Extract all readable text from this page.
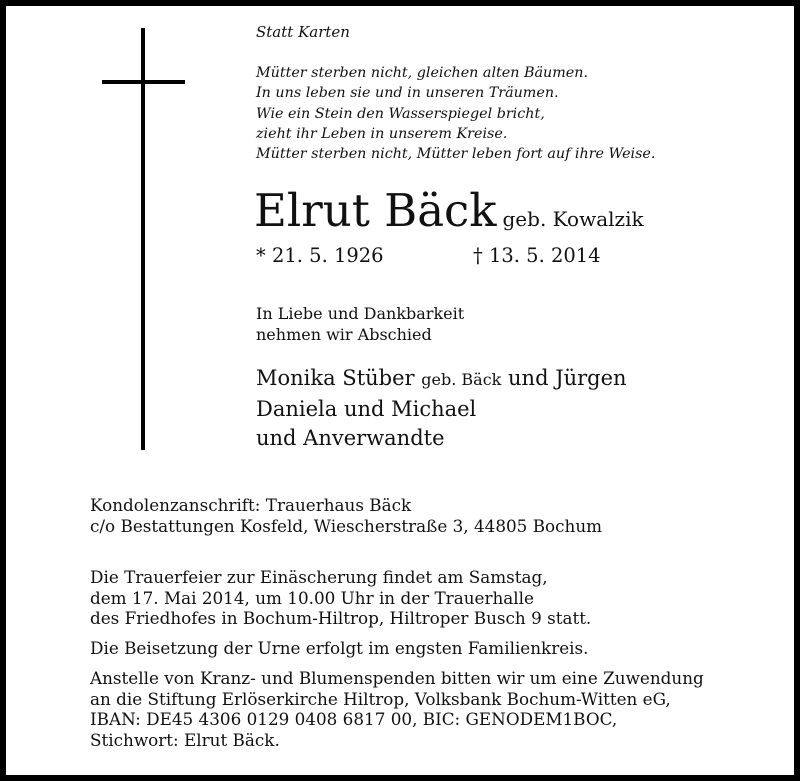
Statt Karten
Mütter sterben nicht, gleichen alten Bäumen.
In uns leben sie und in unseren Träumen.
Wie ein Stein den Wasserspiegel bricht,
zieht ihr Leben in unserem Kreise.
Mütter sterben nicht, Mütter leben fort auf ihre Weise.
Elrut Bäck geb. Kowalzik
* 21. 5. 1926	† 13. 5. 2014
In Liebe und Dankbarkeit
nehmen wir Abschied
Monika Stüber geb. Bäck und Jürgen
Daniela und Michael
und Anverwandte
Kondolenzanschrift: Trauerhaus Bäck
c/o Bestattungen Kosfeld, Wiescherstraße 3, 44805 Bochum
Die Trauerfeier zur Einäscherung findet am Samstag,
dem 17. Mai 2014, um 10.00 Uhr in der Trauerhalle
des Friedhofes in Bochum-Hiltrop, Hiltroper Busch 9 statt.
Die Beisetzung der Urne erfolgt im engsten Familienkreis.
Anstelle von Kranz- und Blumenspenden bitten wir um eine Zuwendung
an die Stiftung Erlöserkirche Hiltrop, Volksbank Bochum-Witten eG,
IBAN: DE45 4306 0129 0408 6817 00, BIC: GENODEM1BOC,
Stichwort: Elrut Bäck.
